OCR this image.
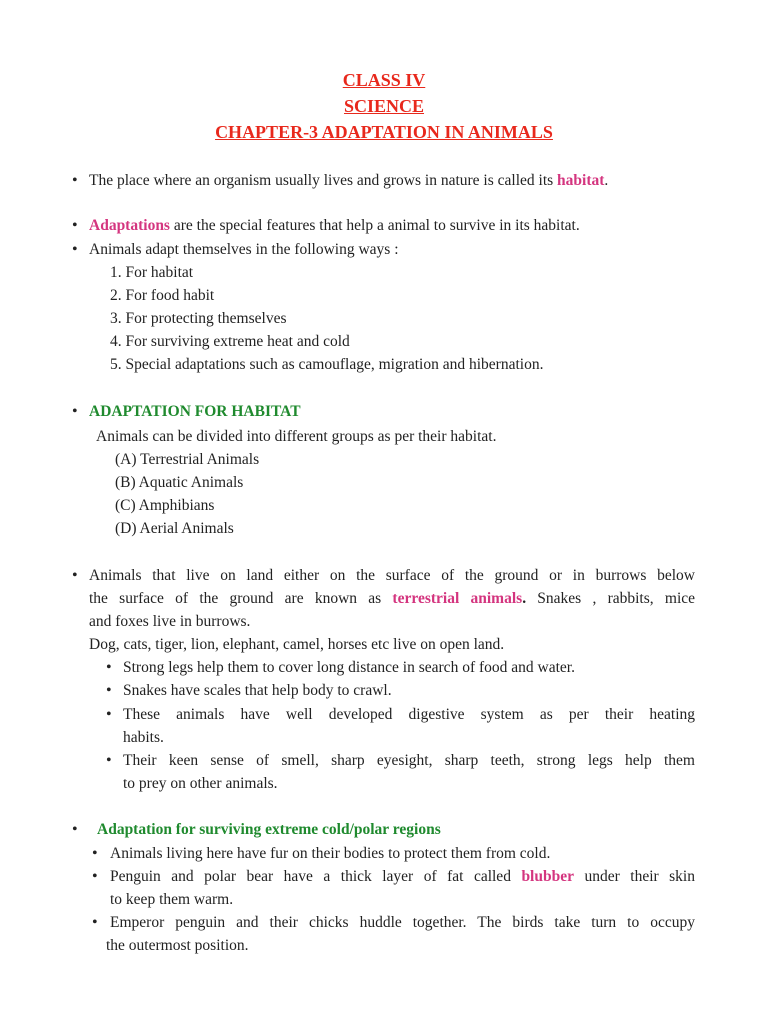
CLASS IV
SCIENCE
CHAPTER-3 ADAPTATION IN ANIMALS
• The place where an organism usually lives and grows in nature is called its habitat.
• Adaptations are the special features that help a animal to survive in its habitat.
• Animals adapt themselves in the following ways :
1. For habitat
2. For food habit
3. For protecting themselves
4. For surviving extreme heat and cold
5. Special adaptations such as camouflage, migration and hibernation.
• ADAPTATION FOR HABITAT
Animals can be divided into different groups as per their habitat.
(A) Terrestrial Animals
(B) Aquatic Animals
(C) Amphibians
(D) Aerial Animals
• Animals that live on land either on the surface of the ground or in burrows below
the surface of the ground are known as terrestrial animals. Snakes , rabbits, mice
and foxes live in burrows.
Dog, cats, tiger, lion, elephant, camel, horses etc live on open land.
• Strong legs help them to cover long distance in search of food and water.
• Snakes have scales that help body to crawl.
• These animals have well developed digestive system as per their heating
habits.
• Their keen sense of smell, sharp eyesight, sharp teeth, strong legs help them
to prey on other animals.
• Adaptation for surviving extreme cold/polar regions
• Animals living here have fur on their bodies to protect them from cold.
• Penguin and polar bear have a thick layer of fat called blubber under their skin
to keep them warm.
• Emperor penguin and their chicks huddle together. The birds take turn to occupy
the outermost position.
